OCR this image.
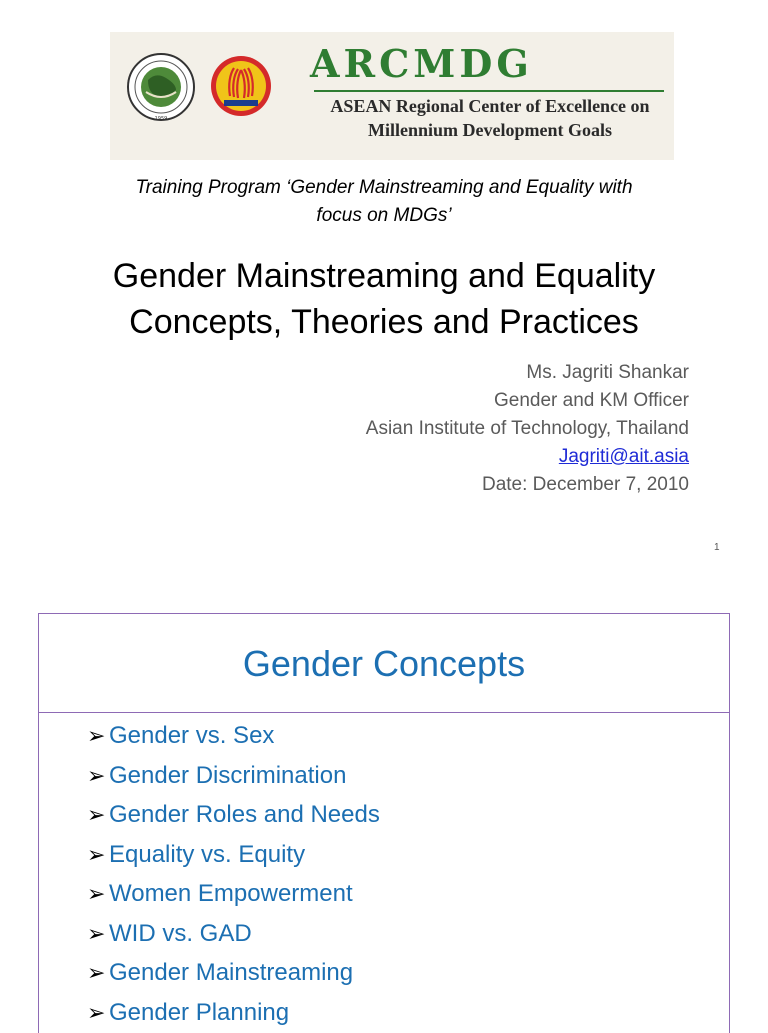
1959
ARCMDG
ASEAN Regional Center of Excellence on
Millennium Development Goals
Training Program ‘Gender Mainstreaming and Equality with
focus on MDGs’
Gender Mainstreaming and Equality
Concepts, Theories and Practices
Ms. Jagriti Shankar
Gender and KM Officer
Asian Institute of Technology, Thailand
Jagriti@ait.asia
Date: December 7, 2010
1
Gender Concepts
➢ Gender vs. Sex
➢ Gender Discrimination
➢ Gender Roles and Needs
➢ Equality vs. Equity
➢ Women Empowerment
➢ WID vs. GAD
➢ Gender Mainstreaming
➢ Gender Planning
